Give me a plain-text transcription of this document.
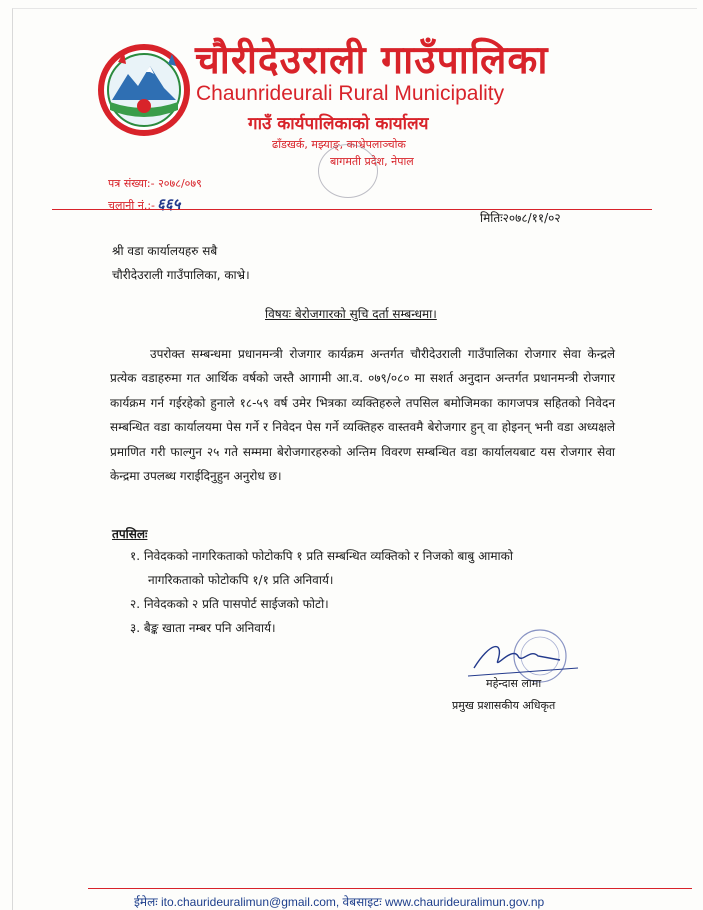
चौरीदेउराली गाउँपालिका
Chaunrideurali Rural Municipality
गाउँ कार्यपालिकाको कार्यालय
ढाँडखर्क, मझ्याङ्, काभ्रेपलाञ्चोक
बागमती प्रदेश, नेपाल
पत्र संख्या:- २०७८/०७९
चलानी नं.:- ६६५
मितिः२०७८/११/०२
श्री वडा कार्यालयहरु सबै
चौरीदेउराली गाउँपालिका, काभ्रे।
विषयः बेरोजगारको सुचि दर्ता सम्बन्धमा।

उपरोक्त सम्बन्धमा प्रधानमन्त्री रोजगार कार्यक्रम अन्तर्गत चौरीदेउराली गाउँपालिका रोजगार सेवा केन्द्रले प्रत्येक वडाहरुमा गत आर्थिक वर्षको जस्तै आगामी आ.व. ०७९/०८० मा सशर्त अनुदान अन्तर्गत प्रधानमन्त्री रोजगार कार्यक्रम गर्न गईरहेको हुनाले १८-५९ वर्ष उमेर भित्रका व्यक्तिहरुले तपसिल बमोजिमका कागजपत्र सहितको निवेदन सम्बन्धित वडा कार्यालयमा पेस गर्ने र निवेदन पेस गर्ने व्यक्तिहरु वास्तवमै बेरोजगार हुन् वा होइनन् भनी वडा अध्यक्षले प्रमाणित गरी फाल्गुन २५ गते सम्ममा बेरोजगारहरुको अन्तिम विवरण सम्बन्धित वडा कार्यालयबाट यस रोजगार सेवा केन्द्रमा उपलब्ध गराईदिनुहुन अनुरोध छ।

तपसिलः
१. निवेदकको नागरिकताको फोटोकपि १ प्रति सम्बन्धित व्यक्तिको र निजको बाबु आमाको नागरिकताको फोटोकपि १/१ प्रति अनिवार्य।
२. निवेदकको २ प्रति पासपोर्ट साईजको फोटो।
३. बैङ्क खाता नम्बर पनि अनिवार्य।
महेन्दास लामा
प्रमुख प्रशासकीय अधिकृत
ईमेलः ito.chaurideuralimun@gmail.com, वेबसाइटः www.chaurideuralimun.gov.np
